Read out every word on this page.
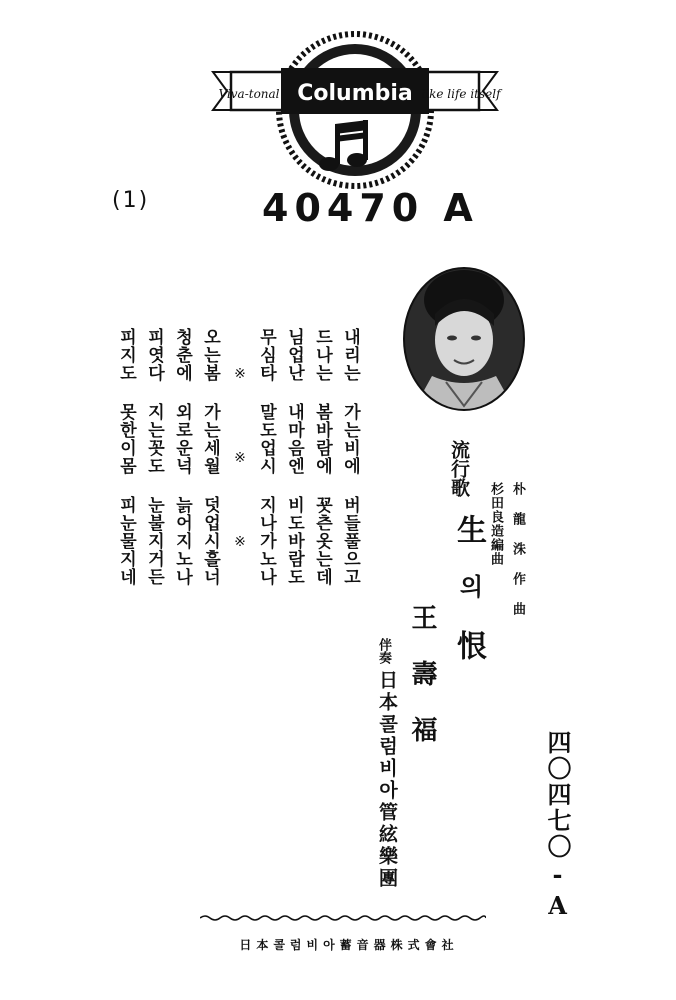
Columbia
Viva-tonal	like life itself
(1)	40470 A
내리는 가는비에 버들풀으고
드나는 봄바람에 꾯츤옷는데
님업난 내마음엔 비도바람도
무심타 말도업시 지나가노나
※ ※ ※
오는봄 가는세월 덧업시흘너
청춘에 외로운넉 늙어지노나
피엿다 지는꼿도 눈불지거든
피지도 못한이몸 피눈물지네	流行歌
生
의
恨
朴 龍 洙 作 曲
杉田良造編曲
王壽福
伴奏
日本콜럼비아管絃樂團	四〇四七〇-A
日本콜럼비아蓄音器株式會社
